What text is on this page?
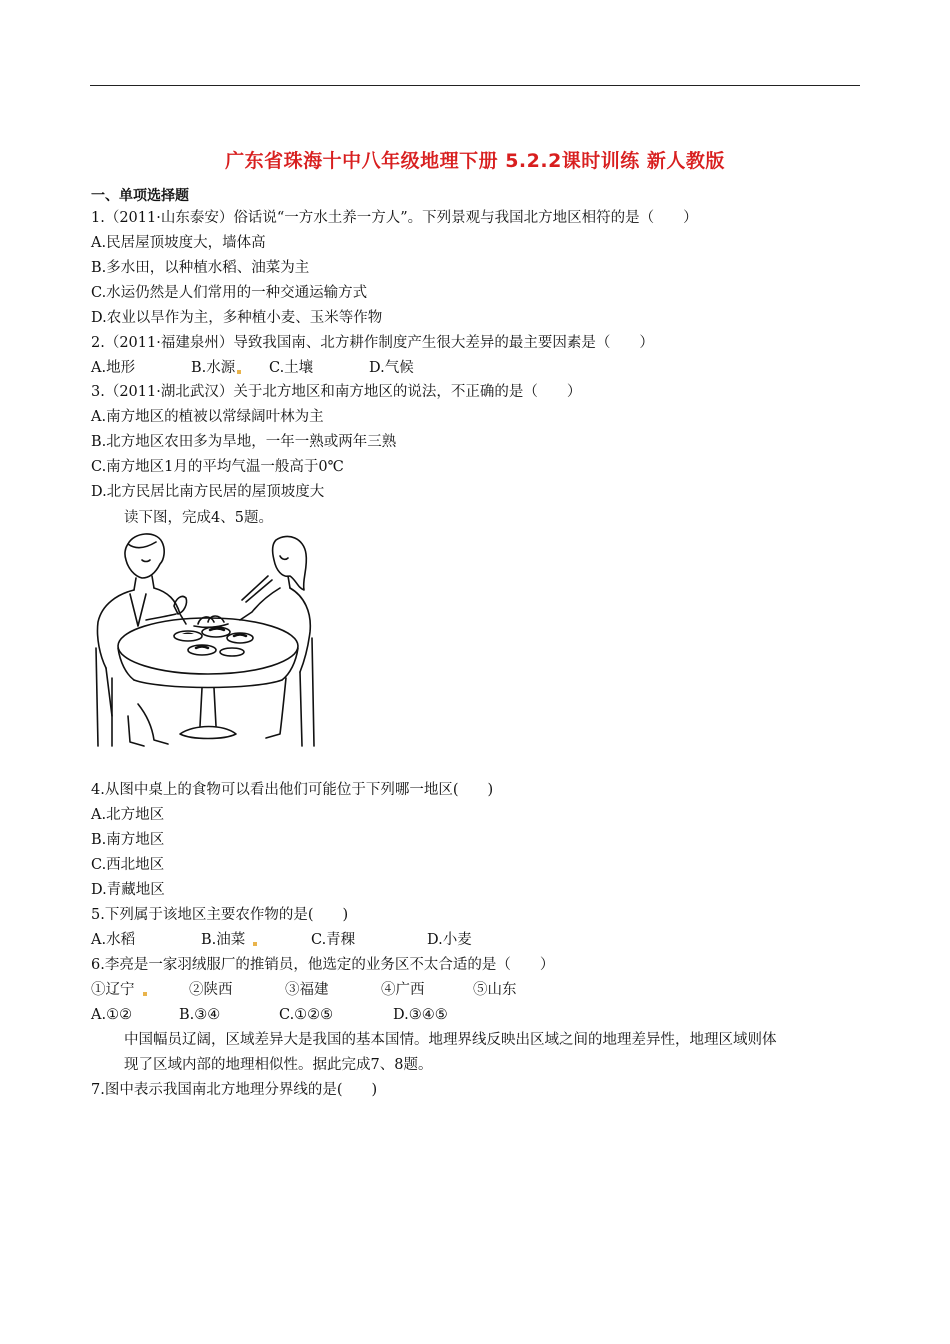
广东省珠海十中八年级地理下册 5.2.2课时训练 新人教版
一、单项选择题
1.（2011·山东泰安）俗话说“一方水土养一方人”。下列景观与我国北方地区相符的是（　　）
A.民居屋顶坡度大，墙体高
B.多水田，以种植水稻、油菜为主
C.水运仍然是人们常用的一种交通运输方式
D.农业以旱作为主，多种植小麦、玉米等作物
2.（2011·福建泉州）导致我国南、北方耕作制度产生很大差异的最主要因素是（　　）
A.地形	B.水源 C.土壤	D.气候
3.（2011·湖北武汉）关于北方地区和南方地区的说法，不正确的是（　　）
A.南方地区的植被以常绿阔叶林为主
B.北方地区农田多为旱地，一年一熟或两年三熟
C.南方地区1月的平均气温一般高于0℃
D.北方民居比南方民居的屋顶坡度大
读下图，完成4、5题。
4.从图中桌上的食物可以看出他们可能位于下列哪一地区(　　)
A.北方地区
B.南方地区
C.西北地区
D.青藏地区
5.下列属于该地区主要农作物的是(　　)
A.水稻	B.油菜	C.青稞	D.小麦
6.李亮是一家羽绒服厂的推销员，他选定的业务区不太合适的是（　　）
①辽宁	②陕西	③福建	④广西	⑤山东
A.①②	B.③④	C.①②⑤	D.③④⑤
中国幅员辽阔，区域差异大是我国的基本国情。地理界线反映出区域之间的地理差异性，地理区域则体
现了区域内部的地理相似性。据此完成7、8题。
7.图中表示我国南北方地理分界线的是(　　)
